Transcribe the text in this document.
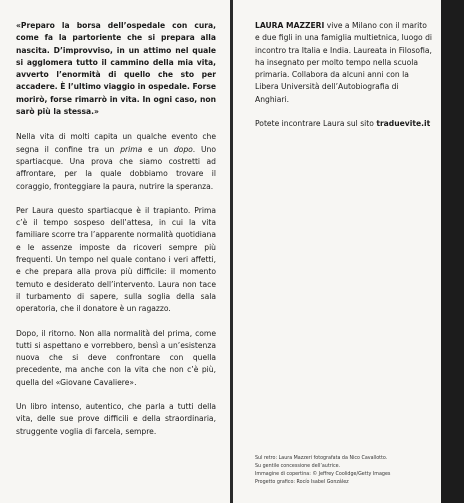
«Preparo la borsa dell’ospedale con cura, come fa la partoriente che si prepara alla nascita. D’improvviso, in un attimo nel quale si agglomera tutto il cammino della mia vita, avverto l’enormità di quello che sto per accadere. È l’ultimo viaggio in ospedale. Forse morirò, forse rimarrò in vita. In ogni caso, non sarò più la stessa.»

Nella vita di molti capita un qualche evento che segna il confine tra un prima e un dopo. Uno spartiacque. Una prova che siamo costretti ad affrontare, per la quale dobbiamo trovare il coraggio, fronteggiare la paura, nutrire la speranza.

Per Laura questo spartiacque è il trapianto. Prima c’è il tempo sospeso dell’attesa, in cui la vita familiare scorre tra l’apparente normalità quotidiana e le assenze imposte da ricoveri sempre più frequenti. Un tempo nel quale contano i veri affetti, e che prepara alla prova più difficile: il momento temuto e desiderato dell’intervento. Laura non tace il turbamento di sapere, sulla soglia della sala operatoria, che il donatore è un ragazzo.

Dopo, il ritorno. Non alla normalità del prima, come tutti si aspettano e vorrebbero, bensì a un’esistenza nuova che si deve confrontare con quella precedente, ma anche con la vita che non c’è più, quella del «Giovane Cavaliere».

Un libro intenso, autentico, che parla a tutti della vita, delle sue prove difficili e della straordinaria, struggente voglia di farcela, sempre.

LAURA MAZZERI vive a Milano con il marito e due figli in una famiglia multietnica, luogo di incontro tra Italia e India. Laureata in Filosofia, ha insegnato per molto tempo nella scuola primaria. Collabora da alcuni anni con la Libera Università dell’Autobiografia di Anghiari.

Potete incontrare Laura sul sito traduevite.it

Sul retro: Laura Mazzeri fotografata da Nico Cavallotto.
Su gentile concessione dell’autrice.
Immagine di copertina: © Jeffrey Coolidge/Getty Images
Progetto grafico: Rocío Isabel González
